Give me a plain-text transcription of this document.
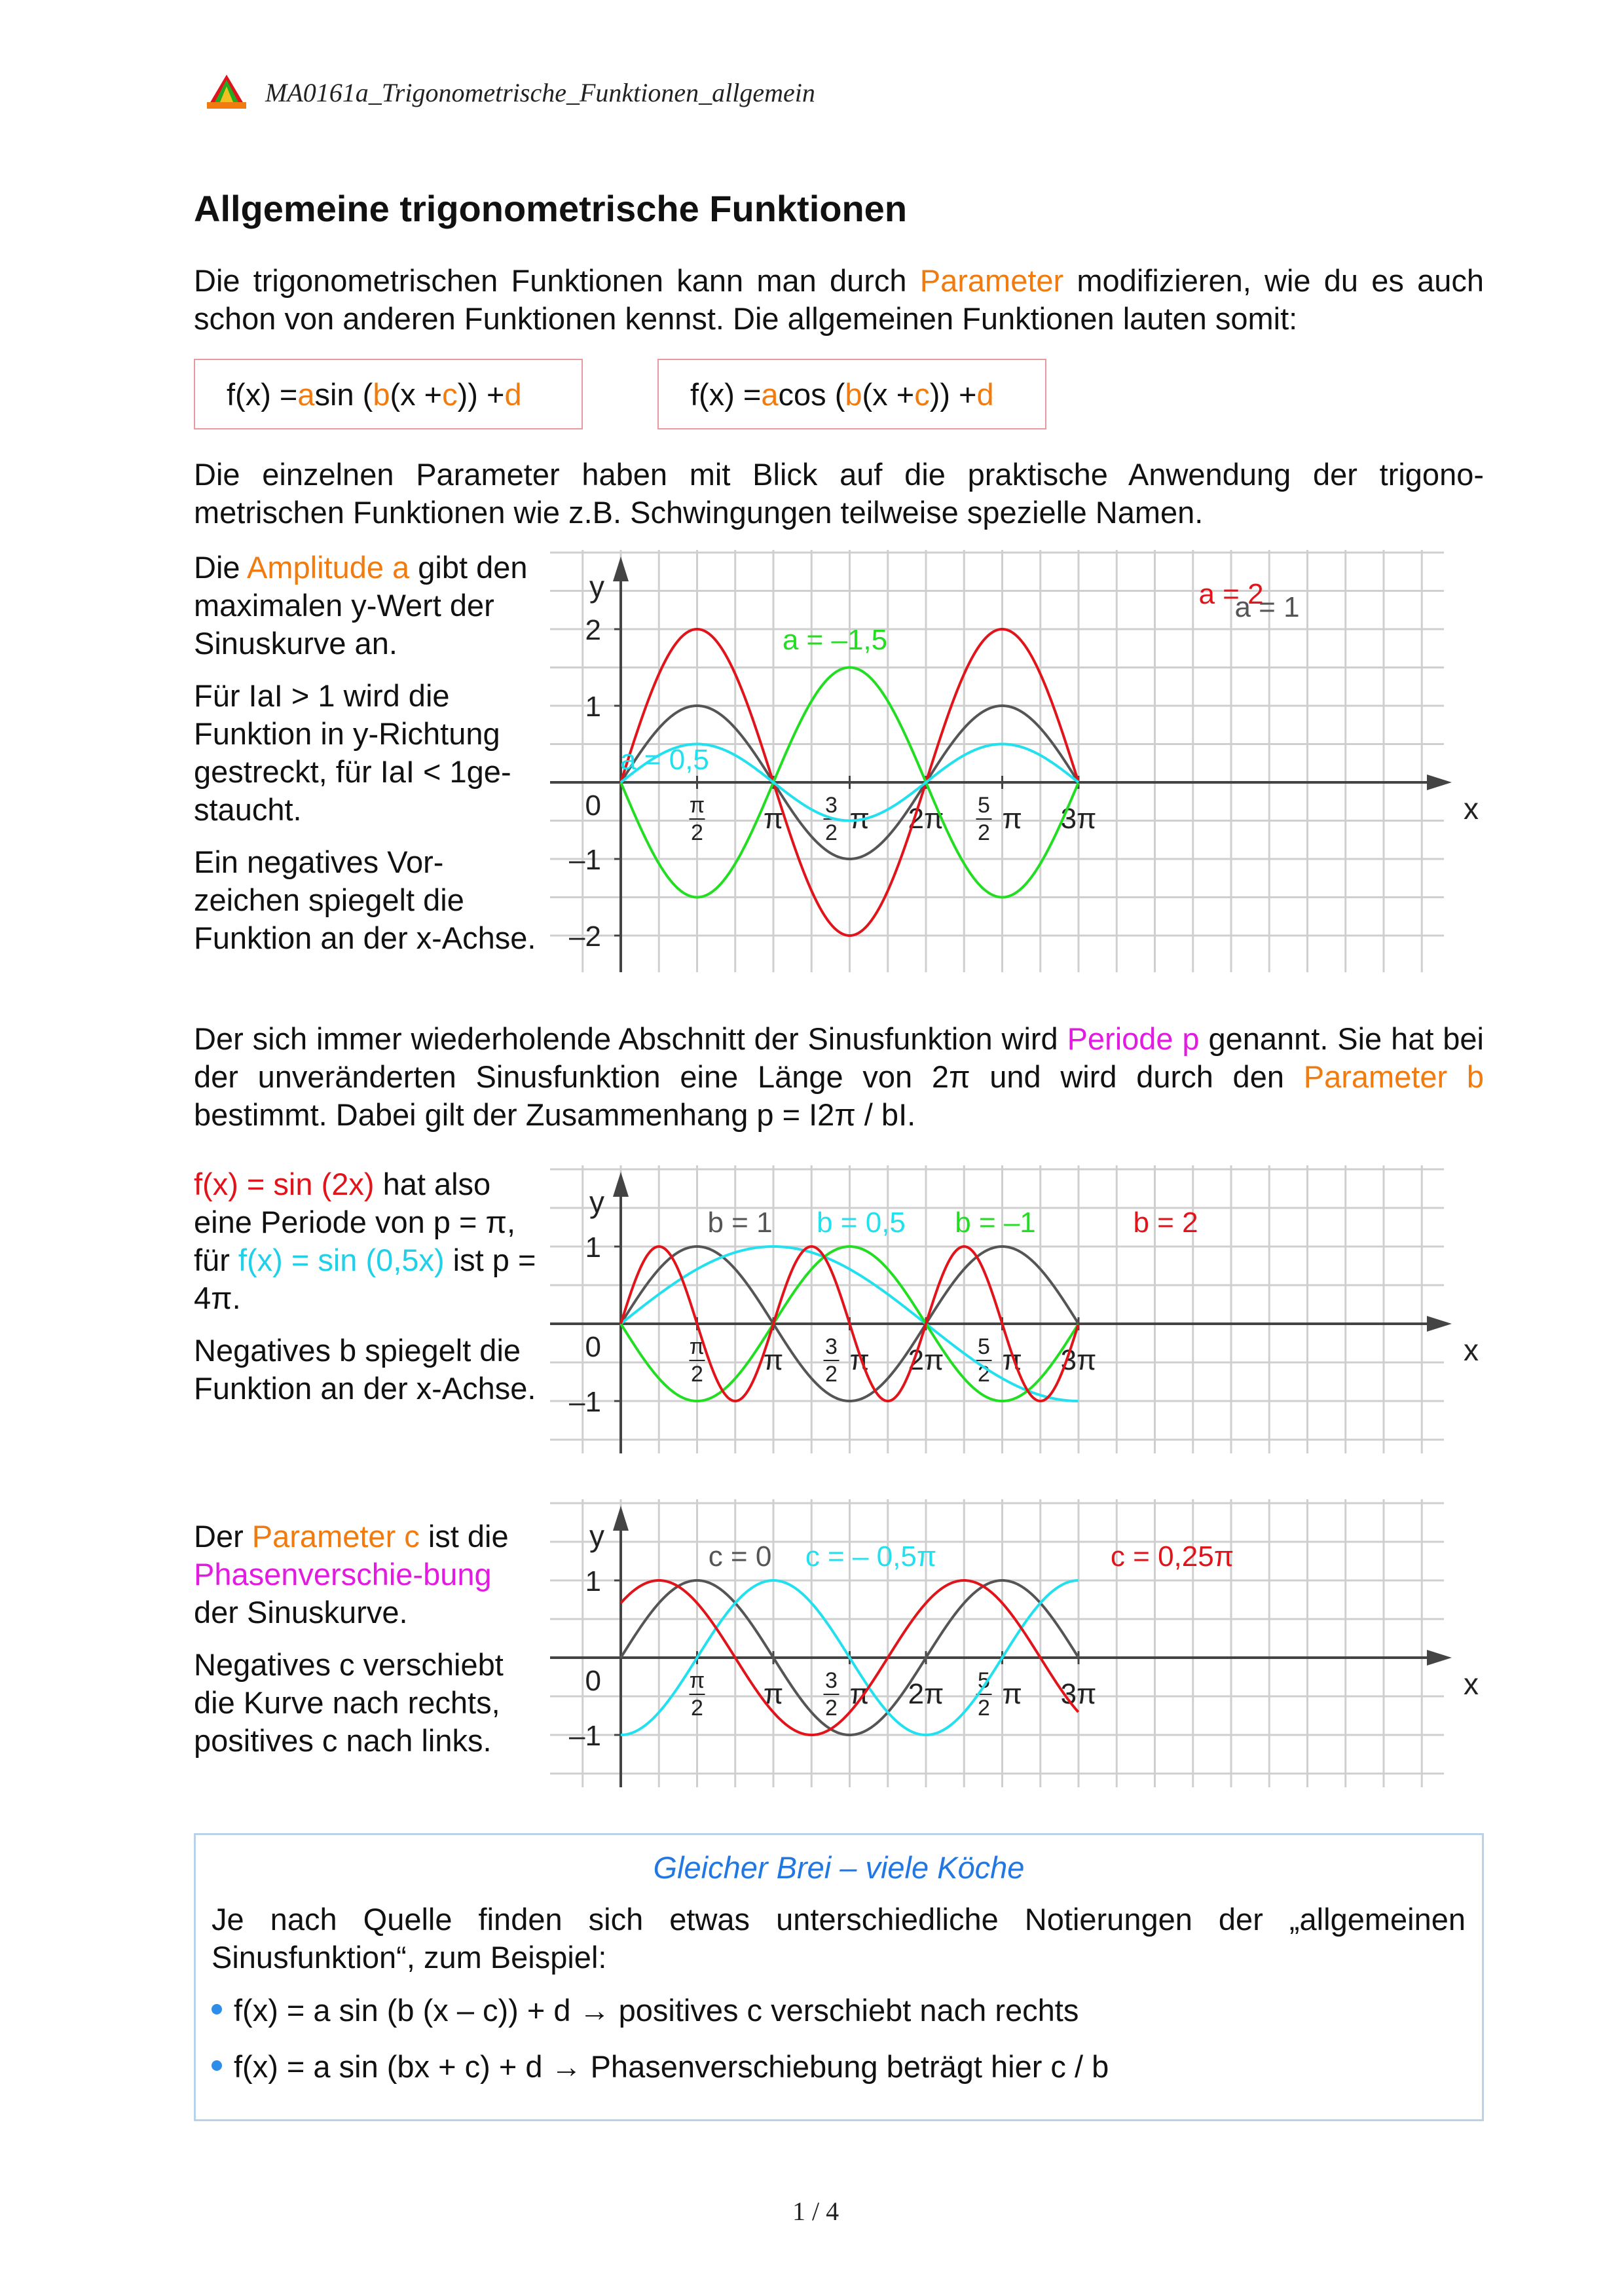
MA0161a_Trigonometrische_Funktionen_allgemein
Allgemeine trigonometrische Funktionen
Die trigonometrischen Funktionen kann man durch Parameter modifizieren, wie du es auch schon von anderen Funktionen kennst. Die allgemeinen Funktionen lauten somit:
f(x) = a sin ( b (x + c )) + d	f(x) = a cos ( b (x + c )) + d
Die einzelnen Parameter haben mit Blick auf die praktische Anwendung der trigono-metrischen Funktionen wie z.B. Schwingungen teilweise spezielle Namen.

Die Amplitude a gibt den maximalen y-Wert der Sinuskurve an.

Für IaI > 1 wird die Funktion in y-Richtung gestreckt, für IaI < 1ge-staucht.

Ein negatives Vor-zeichen spiegelt die Funktion an der x-Achse.

x
y
2
1
0
–1
–2
π
2 π 3
2 π 2π 5
2 π 3π
a = 1
a = 2
a = –1,5
a = 0,5
Der sich immer wiederholende Abschnitt der Sinusfunktion wird Periode p genannt. Sie hat bei der unveränderten Sinusfunktion eine Länge von 2π und wird durch den Parameter b bestimmt. Dabei gilt der Zusammenhang p = I2π / bI.

f(x) = sin (2x) hat also eine Periode von p = π, für f(x) = sin (0,5x) ist p = 4π.

Negatives b spiegelt die Funktion an der x-Achse.

x
y
1
0
–1
π
2 π 3
2 π 2π 5
2 π 3π
b = 1 b = 0,5 b = –1	b = 2

Der Parameter c ist die Phasenverschie-bung der Sinuskurve.

Negatives c verschiebt die Kurve nach rechts, positives c nach links.

x
y
1
0
–1
π
2 π 3
2 π 2π 5
2 π 3π
c = 0 c = – 0,5π	c = 0,25π
Gleicher Brei – viele Köche
Je nach Quelle finden sich etwas unterschiedliche Notierungen der „allgemeinen Sinusfunktion“, zum Beispiel:
f(x) = a sin (b (x – c)) + d → positives c verschiebt nach rechts
f(x) = a sin (bx + c) + d → Phasenverschiebung beträgt hier c / b
1 / 4
